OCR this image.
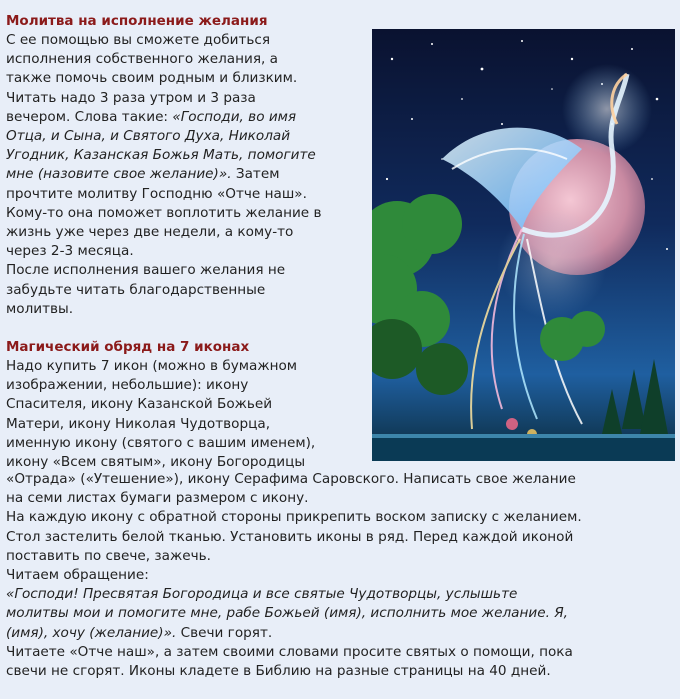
Молитва на исполнение желания

С ее помощью вы сможете добиться
исполнения собственного желания, а
также помочь своим родным и близким.
Читать надо 3 раза утром и 3 раза
вечером. Слова такие: «Господи, во имя
Отца, и Сына, и Святого Духа, Николай
Угодник, Казанская Божья Мать, помогите
мне (назовите свое желание)». Затем
прочтите молитву Господню «Отче наш».
Кому-то она поможет воплотить желание в
жизнь уже через две недели, а кому-то
через 2-3 месяца.
После исполнения вашего желания не
забудьте читать благодарственные
молитвы.

Магический обряд на 7 иконах

Надо купить 7 икон (можно в бумажном
изображении, небольшие): икону
Спасителя, икону Казанской Божьей
Матери, икону Николая Чудотворца,
именную икону (святого с вашим именем),
икону «Всем святым», икону Богородицы

«Отрада» («Утешение»), икону Серафима Саровского. Написать свое желание
на семи листах бумаги размером с икону.
На каждую икону с обратной стороны прикрепить воском записку с желанием.
Стол застелить белой тканью. Установить иконы в ряд. Перед каждой иконой
поставить по свече, зажечь.
Читаем обращение:
«Господи! Пресвятая Богородица и все святые Чудотворцы, услышьте
молитвы мои и помогите мне, рабе Божьей (имя), исполнить мое желание. Я,
(имя), хочу (желание)». Свечи горят.
Читаете «Отче наш», а затем своими словами просите святых о помощи, пока
свечи не сгорят. Иконы кладете в Библию на разные страницы на 40 дней.
